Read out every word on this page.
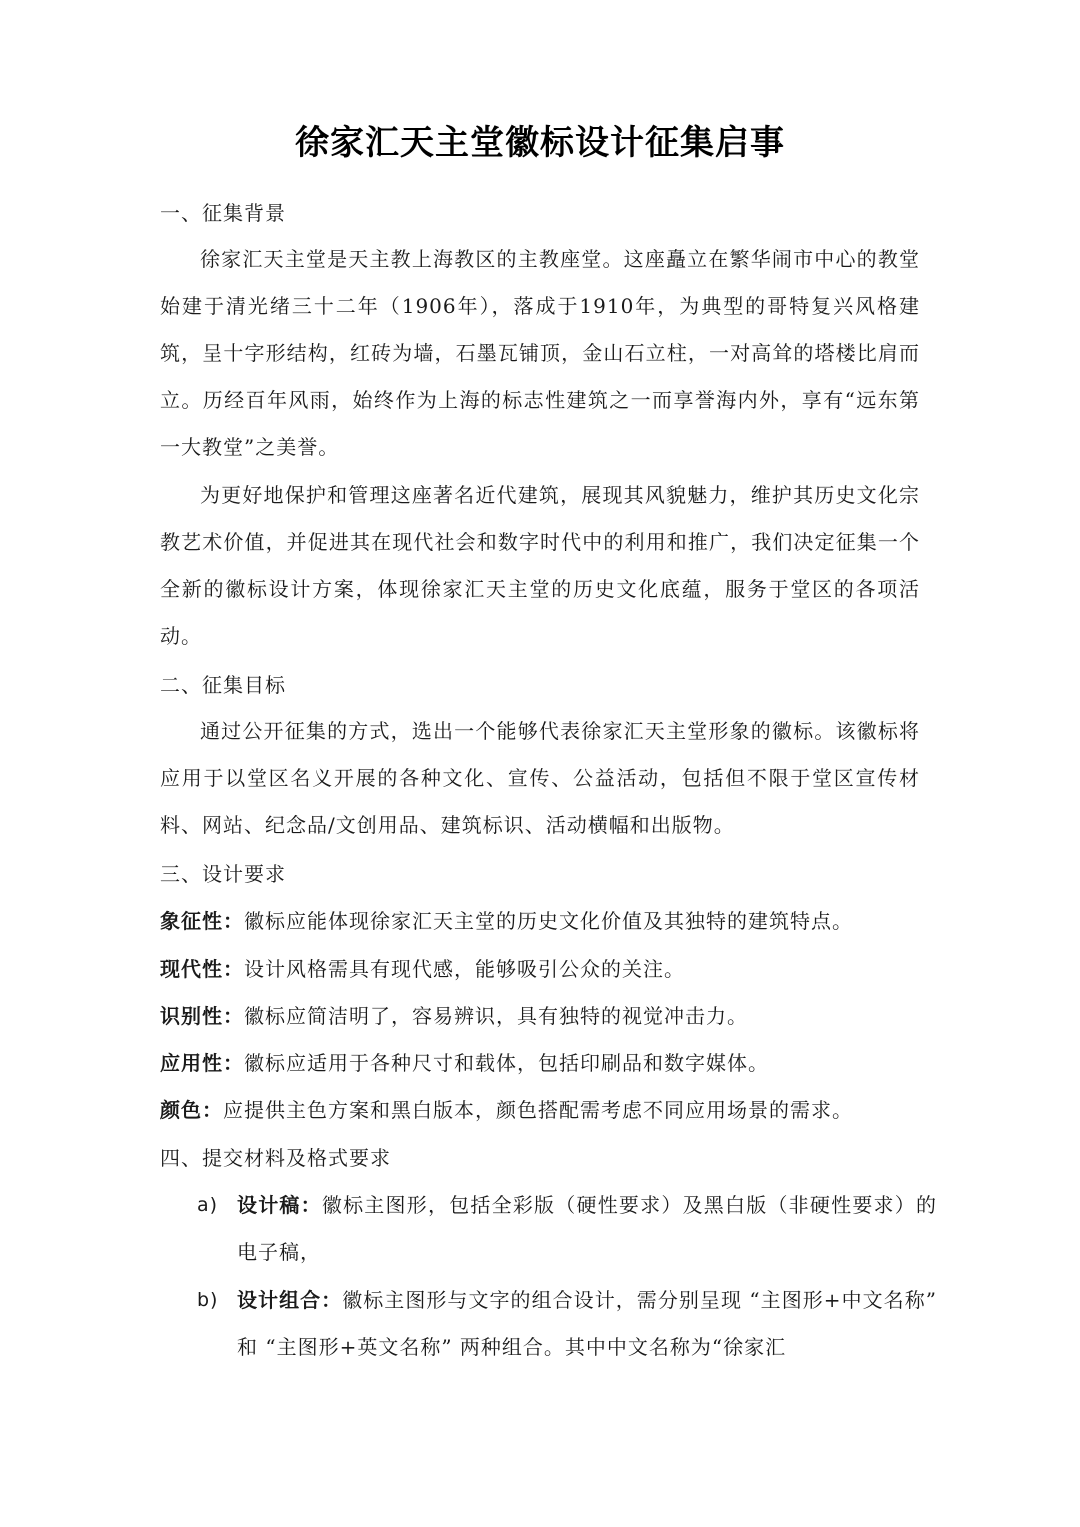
徐家汇天主堂徽标设计征集启事
一、征集背景
徐家汇天主堂是天主教上海教区的主教座堂。这座矗立在繁华闹市中心的教堂始建于清光绪三十二年（1906年），落成于1910年，为典型的哥特复兴风格建筑，呈十字形结构，红砖为墙，石墨瓦铺顶，金山石立柱，一对高耸的塔楼比肩而立。历经百年风雨，始终作为上海的标志性建筑之一而享誉海内外，享有“远东第一大教堂”之美誉。
为更好地保护和管理这座著名近代建筑，展现其风貌魅力，维护其历史文化宗教艺术价值，并促进其在现代社会和数字时代中的利用和推广，我们决定征集一个全新的徽标设计方案，体现徐家汇天主堂的历史文化底蕴，服务于堂区的各项活动。
二、征集目标
通过公开征集的方式，选出一个能够代表徐家汇天主堂形象的徽标。该徽标将应用于以堂区名义开展的各种文化、宣传、公益活动，包括但不限于堂区宣传材料、网站、纪念品/文创用品、建筑标识、活动横幅和出版物。
三、设计要求
象征性：徽标应能体现徐家汇天主堂的历史文化价值及其独特的建筑特点。
现代性：设计风格需具有现代感，能够吸引公众的关注。
识别性：徽标应简洁明了，容易辨识，具有独特的视觉冲击力。
应用性：徽标应适用于各种尺寸和载体，包括印刷品和数字媒体。
颜色：应提供主色方案和黑白版本，颜色搭配需考虑不同应用场景的需求。
四、提交材料及格式要求
a) 设计稿：徽标主图形，包括全彩版（硬性要求）及黑白版（非硬性要求）的电子稿，
b) 设计组合：徽标主图形与文字的组合设计，需分别呈现 “主图形+中文名称” 和 “主图形+英文名称” 两种组合。其中中文名称为“徐家汇
